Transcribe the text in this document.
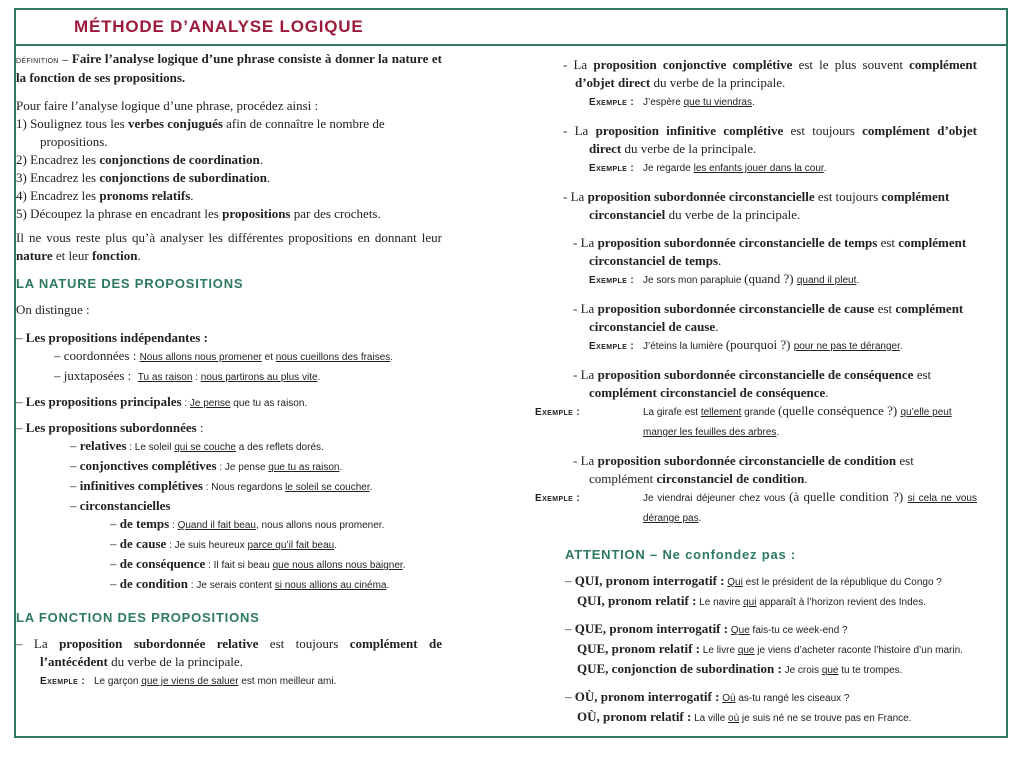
MÉTHODE D’ANALYSE LOGIQUE

définition – Faire l’analyse logique d’une phrase consiste à donner la nature et la fonction de ses propositions.

Pour faire l’analyse logique d’une phrase, procédez ainsi :
1) Soulignez tous les verbes conjugués afin de connaître le nombre de propositions.
2) Encadrez les conjonctions de coordination.
3) Encadrez les conjonctions de subordination.
4) Encadrez les pronoms relatifs.
5) Découpez la phrase en encadrant les propositions par des crochets.

Il ne vous reste plus qu’à analyser les différentes propositions en donnant leur nature et leur fonction.

LA NATURE DES PROPOSITIONS

On distingue :

– Les propositions indépendantes :
– coordonnées : Nous allons nous promener et nous cueillons des fraises.
– juxtaposées : Tu as raison : nous partirons au plus vite.
– Les propositions principales : Je pense que tu as raison.
– Les propositions subordonnées :
– relatives : Le soleil qui se couche a des reflets dorés.
– conjonctives complétives : Je pense que tu as raison.
– infinitives complétives : Nous regardons le soleil se coucher.
– circonstancielles
– de temps : Quand il fait beau, nous allons nous promener.
– de cause : Je suis heureux parce qu’il fait beau.
– de conséquence : Il fait si beau que nous allons nous baigner.
– de condition : Je serais content si nous allions au cinéma.
LA FONCTION DES PROPOSITIONS
– La proposition subordonnée relative est toujours complément de l’antécédent du verbe de la principale.
Exemple : Le garçon que je viens de saluer est mon meilleur ami.
- La proposition conjonctive complétive est le plus souvent complément d’objet direct du verbe de la principale.
Exemple : J’espère que tu viendras.
- La proposition infinitive complétive est toujours complément d’objet direct du verbe de la principale.
Exemple : Je regarde les enfants jouer dans la cour.
- La proposition subordonnée circonstancielle est toujours complément circonstanciel du verbe de la principale.
- La proposition subordonnée circonstancielle de temps est complément circonstanciel de temps.
Exemple : Je sors mon parapluie (quand ?) quand il pleut.
- La proposition subordonnée circonstancielle de cause est complément circonstanciel de cause.
Exemple : J’éteins la lumière (pourquoi ?) pour ne pas te déranger.
- La proposition subordonnée circonstancielle de conséquence est complément circonstanciel de conséquence.
Exemple :	La girafe est tellement grande (quelle conséquence ?) qu’elle peut manger les feuilles des arbres.
- La proposition subordonnée circonstancielle de condition est complément circonstanciel de condition.
Exemple :	Je viendrai déjeuner chez vous (à quelle condition ?) si cela ne vous dérange pas.
ATTENTION – Ne confondez pas :
– QUI, pronom interrogatif : Qui est le président de la république du Congo ?
QUI, pronom relatif : Le navire qui apparaît à l’horizon revient des Indes.
– QUE, pronom interrogatif : Que fais-tu ce week-end ?
QUE, pronom relatif : Le livre que je viens d’acheter raconte l’histoire d’un marin.
QUE, conjonction de subordination : Je crois que tu te trompes.
– OÙ, pronom interrogatif : Où as-tu rangé les ciseaux ?
OÙ, pronom relatif : La ville où je suis né ne se trouve pas en France.
